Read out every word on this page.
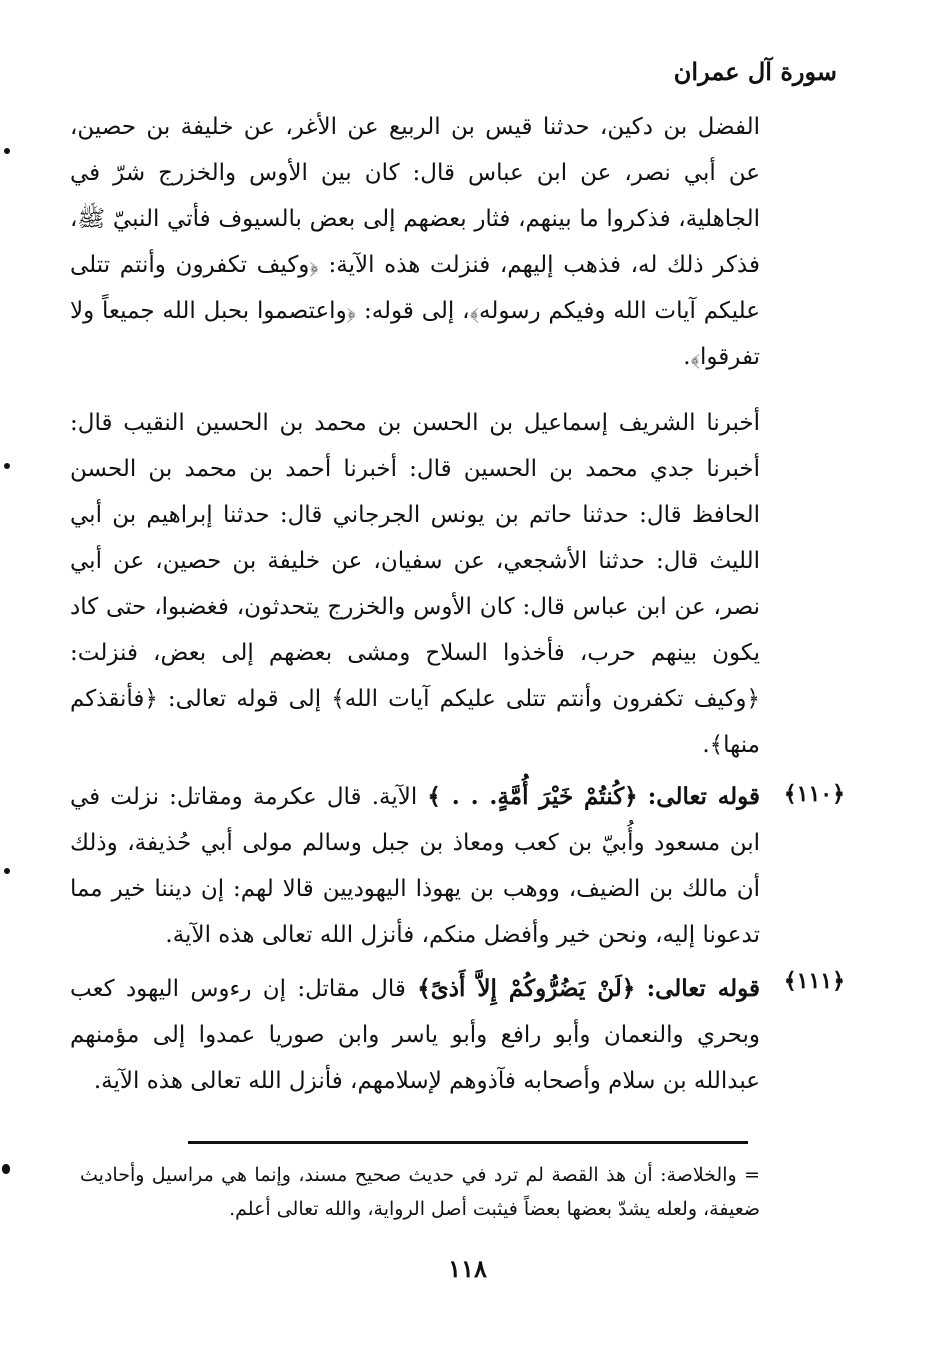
سورة آل عمران
الفضل بن دكين، حدثنا قيس بن الربيع عن الأغر، عن خليفة بن حصين، عن أبي نصر، عن ابن عباس قال: كان بين الأوس والخزرج شرّ في الجاهلية، فذكروا ما بينهم، فثار بعضهم إلى بعض بالسيوف فأتي النبيّ ﷺ، فذكر ذلك له، فذهب إليهم، فنزلت هذه الآية: ﴿وكيف تكفرون وأنتم تتلى عليكم آيات الله وفيكم رسوله﴾، إلى قوله: ﴿واعتصموا بحبل الله جميعاً ولا تفرقوا﴾.
أخبرنا الشريف إسماعيل بن الحسن بن محمد بن الحسين النقيب قال: أخبرنا جدي محمد بن الحسين قال: أخبرنا أحمد بن محمد بن الحسن الحافظ قال: حدثنا حاتم بن يونس الجرجاني قال: حدثنا إبراهيم بن أبي الليث قال: حدثنا الأشجعي، عن سفيان، عن خليفة بن حصين، عن أبي نصر، عن ابن عباس قال: كان الأوس والخزرج يتحدثون، فغضبوا، حتى كاد يكون بينهم حرب، فأخذوا السلاح ومشى بعضهم إلى بعض، فنزلت: ﴿وكيف تكفرون وأنتم تتلى عليكم آيات الله﴾ إلى قوله تعالى: ﴿فأنقذكم منها﴾.
﴿١١٠﴾
قوله تعالى: ﴿كُنتُمْ خَيْرَ أُمَّةٍ. . . ﴾ الآية. قال عكرمة ومقاتل: نزلت في ابن مسعود وأُبيّ بن كعب ومعاذ بن جبل وسالم مولى أبي حُذيفة، وذلك أن مالك بن الضيف، ووهب بن يهوذا اليهوديين قالا لهم: إن ديننا خير مما تدعونا إليه، ونحن خير وأفضل منكم، فأنزل الله تعالى هذه الآية.
﴿١١١﴾
قوله تعالى: ﴿لَنْ يَضُرُّوكُمْ إِلاَّ أَذىً﴾ قال مقاتل: إن رءوس اليهود كعب وبحري والنعمان وأبو رافع وأبو ياسر وابن صوريا عمدوا إلى مؤمنهم عبدالله بن سلام وأصحابه فآذوهم لإسلامهم، فأنزل الله تعالى هذه الآية.
= والخلاصة: أن هذ القصة لم ترد في حديث صحيح مسند، وإنما هي مراسيل وأحاديث ضعيفة، ولعله يشدّ بعضها بعضاً فيثبت أصل الرواية، والله تعالى أعلم.
١١٨
